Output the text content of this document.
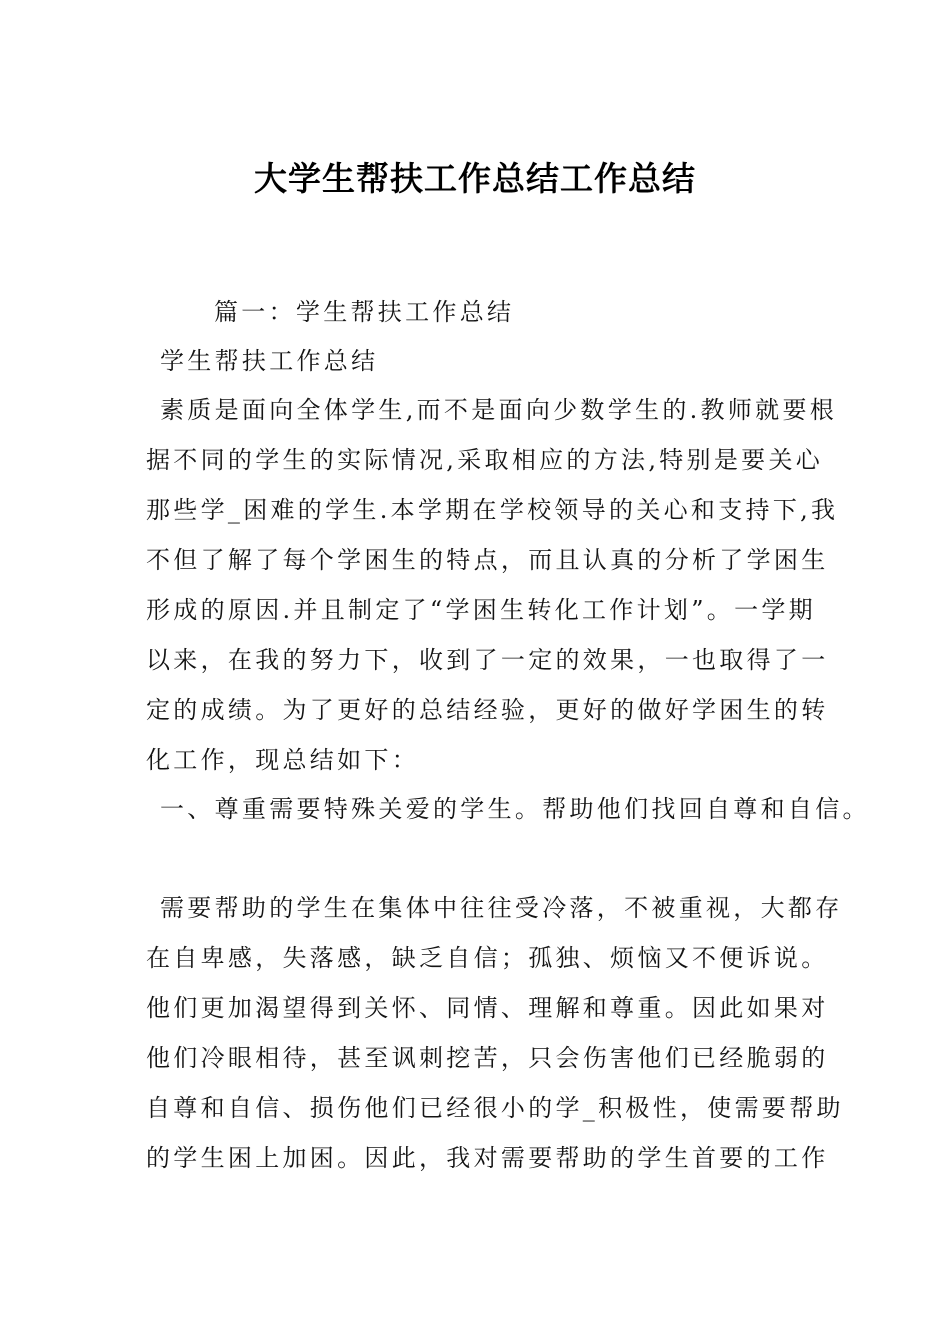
大学生帮扶工作总结工作总结
篇一：学生帮扶工作总结
学生帮扶工作总结
素质是面向全体学生,而不是面向少数学生的.教师就要根
据不同的学生的实际情况,采取相应的方法,特别是要关心
那些学_困难的学生.本学期在学校领导的关心和支持下,我
不但了解了每个学困生的特点，而且认真的分析了学困生
形成的原因.并且制定了“学困生转化工作计划”。一学期
以来，在我的努力下，收到了一定的效果，一也取得了一
定的成绩。为了更好的总结经验，更好的做好学困生的转
化工作，现总结如下：
一、尊重需要特殊关爱的学生。帮助他们找回自尊和自信。
需要帮助的学生在集体中往往受冷落，不被重视，大都存
在自卑感，失落感，缺乏自信；孤独、烦恼又不便诉说。
他们更加渴望得到关怀、同情、理解和尊重。因此如果对
他们冷眼相待，甚至讽刺挖苦，只会伤害他们已经脆弱的
自尊和自信、损伤他们已经很小的学_积极性，使需要帮助
的学生困上加困。因此，我对需要帮助的学生首要的工作
